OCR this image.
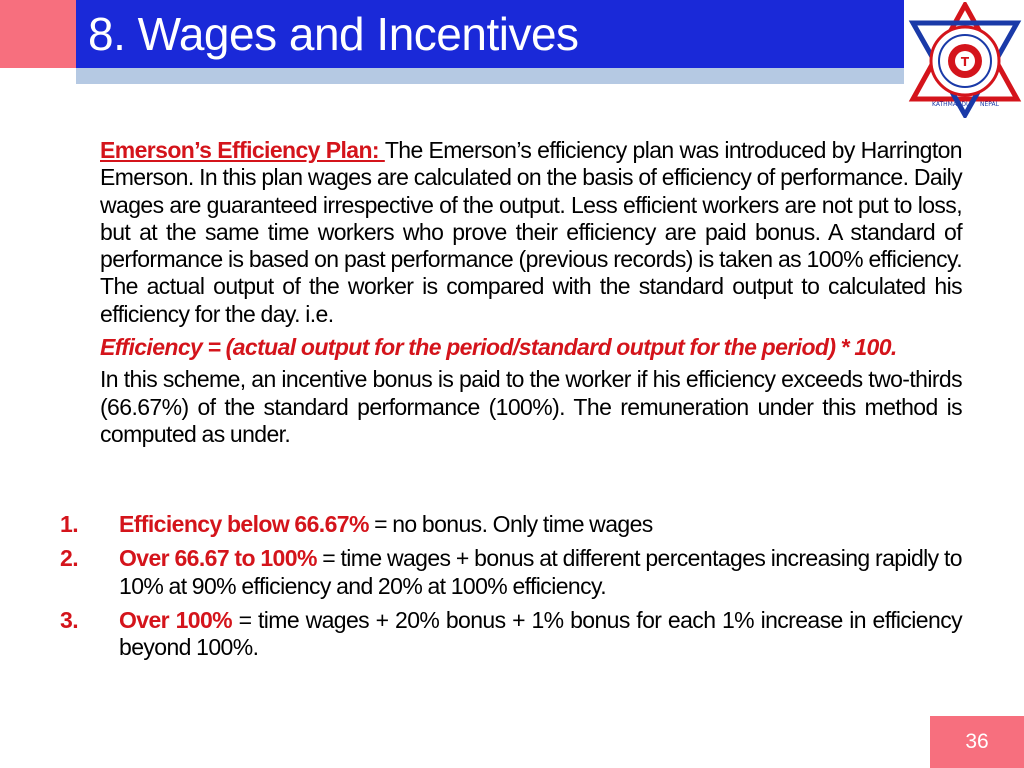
8. Wages and Incentives
T
KATHMANDU NEPAL

Emerson’s Efficiency Plan: The Emerson’s efficiency plan was introduced by Harrington Emerson. In this plan wages are calculated on the basis of efficiency of performance. Daily wages are guaranteed irrespective of the output. Less efficient workers are not put to loss, but at the same time workers who prove their efficiency are paid bonus. A standard of performance is based on past performance (previous records) is taken as 100% efficiency. The actual output of the worker is compared with the standard output to calculated his efficiency for the day. i.e.

Efficiency = (actual output for the period/standard output for the period) * 100.

In this scheme, an incentive bonus is paid to the worker if his efficiency exceeds two-thirds (66.67%) of the standard performance (100%). The remuneration under this method is computed as under.

1. Efficiency below 66.67% = no bonus. Only time wages
2. Over 66.67 to 100% = time wages + bonus at different percentages increasing rapidly to 10% at 90% efficiency and 20% at 100% efficiency.
3. Over 100% = time wages + 20% bonus + 1% bonus for each 1% increase in efficiency beyond 100%.
36
